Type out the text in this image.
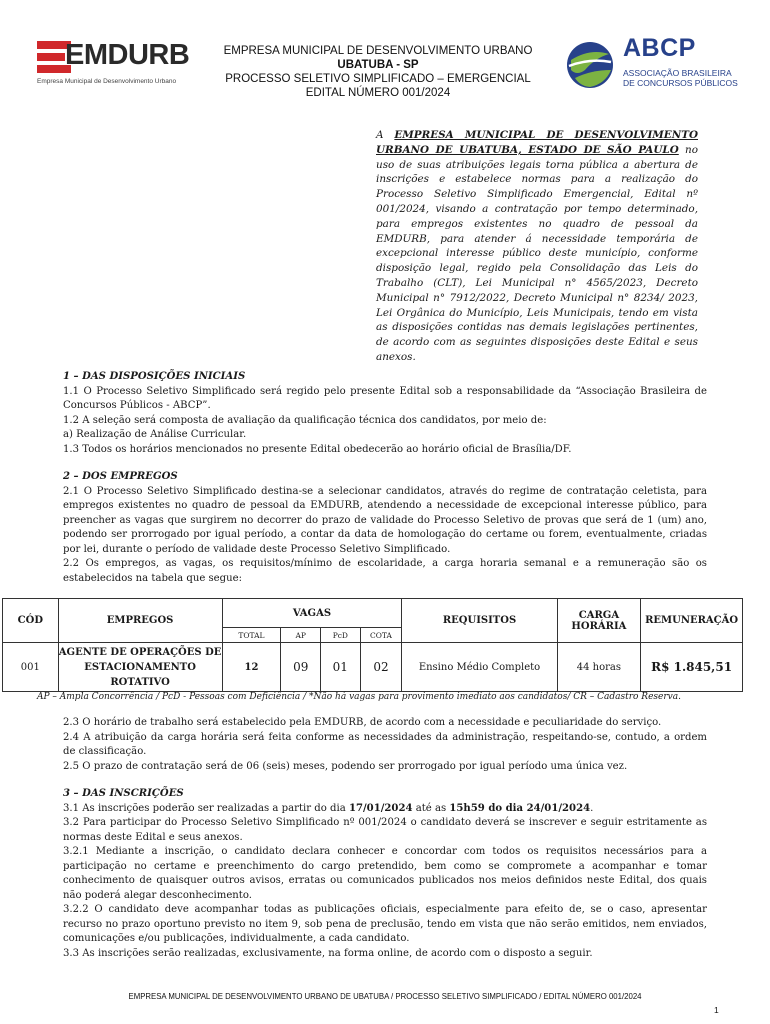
EMDURB
Empresa Municipal de Desenvolvimento Urbano
EMPRESA MUNICIPAL DE DESENVOLVIMENTO URBANO
UBATUBA - SP
PROCESSO SELETIVO SIMPLIFICADO – EMERGENCIAL
EDITAL NÚMERO 001/2024
ABCP
ASSOCIAÇÃO BRASILEIRA
DE CONCURSOS PÚBLICOS
A EMPRESA MUNICIPAL DE DESENVOLVIMENTO URBANO DE UBATUBA, ESTADO DE SÃO PAULO no uso de suas atribuições legais torna pública a abertura de inscrições e estabelece normas para a realização do Processo Seletivo Simplificado Emergencial, Edital nº 001/2024, visando a contratação por tempo determinado, para empregos existentes no quadro de pessoal da EMDURB, para atender á necessidade temporária de excepcional interesse público deste município, conforme disposição legal, regido pela Consolidação das Leis do Trabalho (CLT), Lei Municipal n° 4565/2023, Decreto Municipal n° 7912/2022, Decreto Municipal n° 8234/ 2023, Lei Orgânica do Município, Leis Municipais, tendo em vista as disposições contidas nas demais legislações pertinentes, de acordo com as seguintes disposições deste Edital e seus anexos.

1 – DAS DISPOSIÇÕES INICIAIS

1.1 O Processo Seletivo Simplificado será regido pelo presente Edital sob a responsabilidade da “Associação Brasileira de Concursos Públicos - ABCP”.

1.2 A seleção será composta de avaliação da qualificação técnica dos candidatos, por meio de:

a) Realização de Análise Curricular.

1.3 Todos os horários mencionados no presente Edital obedecerão ao horário oficial de Brasília/DF.

2 – DOS EMPREGOS

2.1 O Processo Seletivo Simplificado destina-se a selecionar candidatos, através do regime de contratação celetista, para empregos existentes no quadro de pessoal da EMDURB, atendendo a necessidade de excepcional interesse público, para preencher as vagas que surgirem no decorrer do prazo de validade do Processo Seletivo de provas que será de 1 (um) ano, podendo ser prorrogado por igual período, a contar da data de homologação do certame ou forem, eventualmente, criadas por lei, durante o período de validade deste Processo Seletivo Simplificado.

2.2 Os empregos, as vagas, os requisitos/mínimo de escolaridade, a carga horaria semanal e a remuneração são os estabelecidos na tabela que segue:

CÓD	EMPREGOS	VAGAS				REQUISITOS	CARGA HORÁRIA	REMUNERAÇÃO
		TOTAL	AP	PcD	COTA			
001	AGENTE DE OPERAÇÕES DE ESTACIONAMENTO ROTATIVO	12	09	01	02	Ensino Médio Completo	44 horas	R$ 1.845,51
AP – Ampla Concorrência / PcD - Pessoas com Deficiência / *Não há vagas para provimento imediato aos candidatos/ CR – Cadastro Reserva.

2.3 O horário de trabalho será estabelecido pela EMDURB, de acordo com a necessidade e peculiaridade do serviço.

2.4 A atribuição da carga horária será feita conforme as necessidades da administração, respeitando-se, contudo, a ordem de classificação.

2.5 O prazo de contratação será de 06 (seis) meses, podendo ser prorrogado por igual período uma única vez.

3 – DAS INSCRIÇÕES

3.1 As inscrições poderão ser realizadas a partir do dia 17/01/2024 até as 15h59 do dia 24/01/2024.

3.2 Para participar do Processo Seletivo Simplificado nº 001/2024 o candidato deverá se inscrever e seguir estritamente as normas deste Edital e seus anexos.

3.2.1 Mediante a inscrição, o candidato declara conhecer e concordar com todos os requisitos necessários para a participação no certame e preenchimento do cargo pretendido, bem como se compromete a acompanhar e tomar conhecimento de quaisquer outros avisos, erratas ou comunicados publicados nos meios definidos neste Edital, dos quais não poderá alegar desconhecimento.

3.2.2 O candidato deve acompanhar todas as publicações oficiais, especialmente para efeito de, se o caso, apresentar recurso no prazo oportuno previsto no item 9, sob pena de preclusão, tendo em vista que não serão emitidos, nem enviados, comunicações e/ou publicações, individualmente, a cada candidato.

3.3 As inscrições serão realizadas, exclusivamente, na forma online, de acordo com o disposto a seguir.

EMPRESA MUNICIPAL DE DESENVOLVIMENTO URBANO DE UBATUBA / PROCESSO SELETIVO SIMPLIFICADO / EDITAL NÚMERO 001/2024
1
